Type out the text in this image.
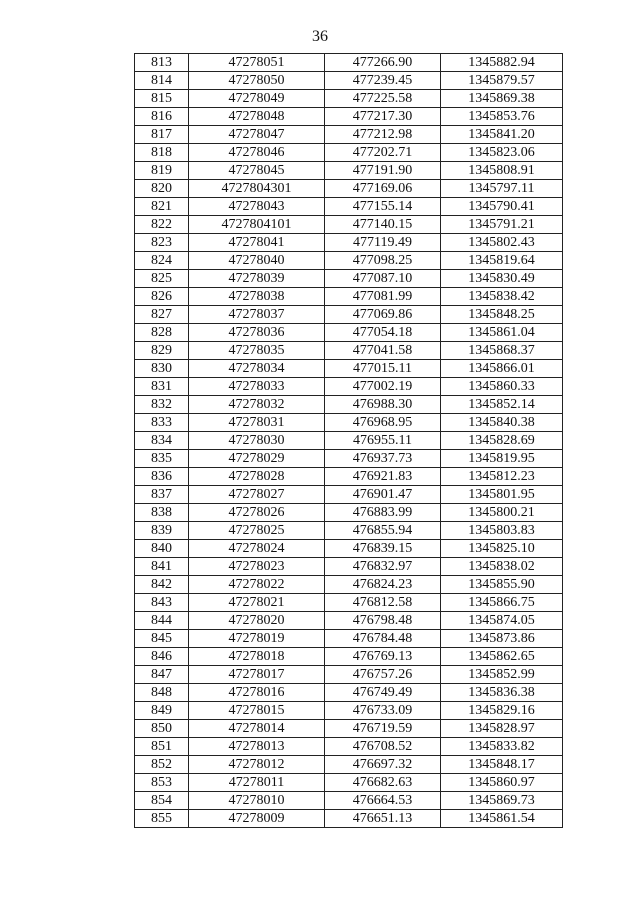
36
813	47278051	477266.90	1345882.94
814	47278050	477239.45	1345879.57
815	47278049	477225.58	1345869.38
816	47278048	477217.30	1345853.76
817	47278047	477212.98	1345841.20
818	47278046	477202.71	1345823.06
819	47278045	477191.90	1345808.91
820	4727804301	477169.06	1345797.11
821	47278043	477155.14	1345790.41
822	4727804101	477140.15	1345791.21
823	47278041	477119.49	1345802.43
824	47278040	477098.25	1345819.64
825	47278039	477087.10	1345830.49
826	47278038	477081.99	1345838.42
827	47278037	477069.86	1345848.25
828	47278036	477054.18	1345861.04
829	47278035	477041.58	1345868.37
830	47278034	477015.11	1345866.01
831	47278033	477002.19	1345860.33
832	47278032	476988.30	1345852.14
833	47278031	476968.95	1345840.38
834	47278030	476955.11	1345828.69
835	47278029	476937.73	1345819.95
836	47278028	476921.83	1345812.23
837	47278027	476901.47	1345801.95
838	47278026	476883.99	1345800.21
839	47278025	476855.94	1345803.83
840	47278024	476839.15	1345825.10
841	47278023	476832.97	1345838.02
842	47278022	476824.23	1345855.90
843	47278021	476812.58	1345866.75
844	47278020	476798.48	1345874.05
845	47278019	476784.48	1345873.86
846	47278018	476769.13	1345862.65
847	47278017	476757.26	1345852.99
848	47278016	476749.49	1345836.38
849	47278015	476733.09	1345829.16
850	47278014	476719.59	1345828.97
851	47278013	476708.52	1345833.82
852	47278012	476697.32	1345848.17
853	47278011	476682.63	1345860.97
854	47278010	476664.53	1345869.73
855	47278009	476651.13	1345861.54
